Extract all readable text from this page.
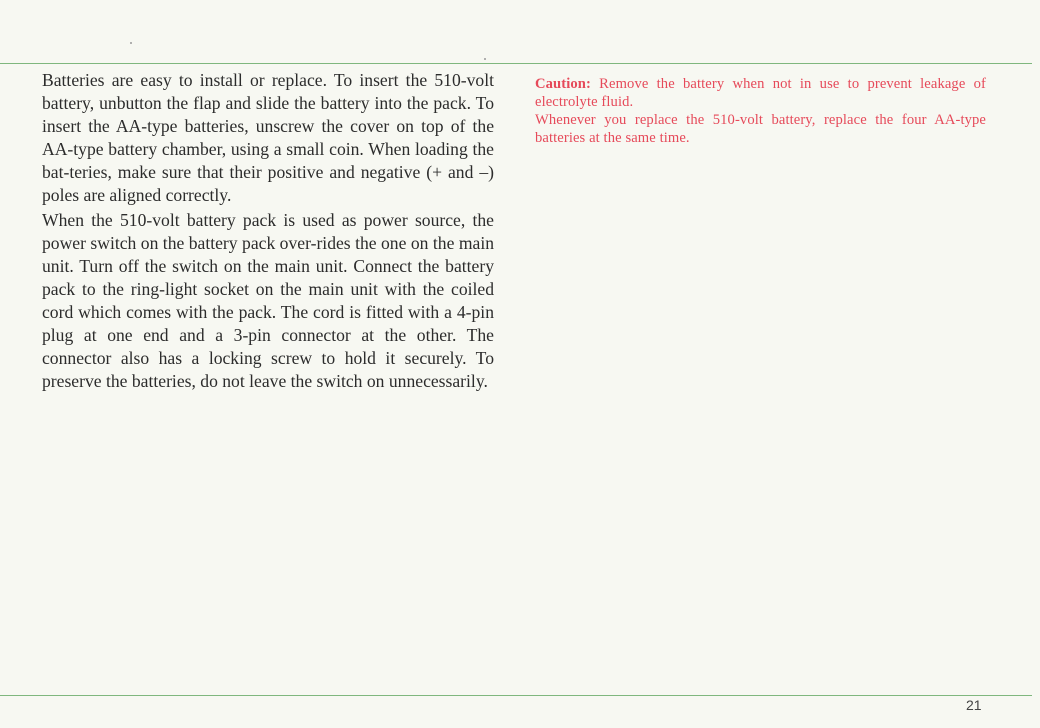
Batteries are easy to install or replace. To insert the 510-volt battery, unbutton the flap and slide the battery into the pack. To insert the AA-type batteries, unscrew the cover on top of the AA-type battery chamber, using a small coin. When loading the bat-teries, make sure that their positive and negative (+ and –) poles are aligned correctly.

When the 510-volt battery pack is used as power source, the power switch on the battery pack over-rides the one on the main unit. Turn off the switch on the main unit. Connect the battery pack to the ring-light socket on the main unit with the coiled cord which comes with the pack. The cord is fitted with a 4-pin plug at one end and a 3-pin connector at the other. The connector also has a locking screw to hold it securely. To preserve the batteries, do not leave the switch on unnecessarily.

Caution: Remove the battery when not in use to prevent leakage of electrolyte fluid.

Whenever you replace the 510-volt battery, replace the four AA-type batteries at the same time.

21
